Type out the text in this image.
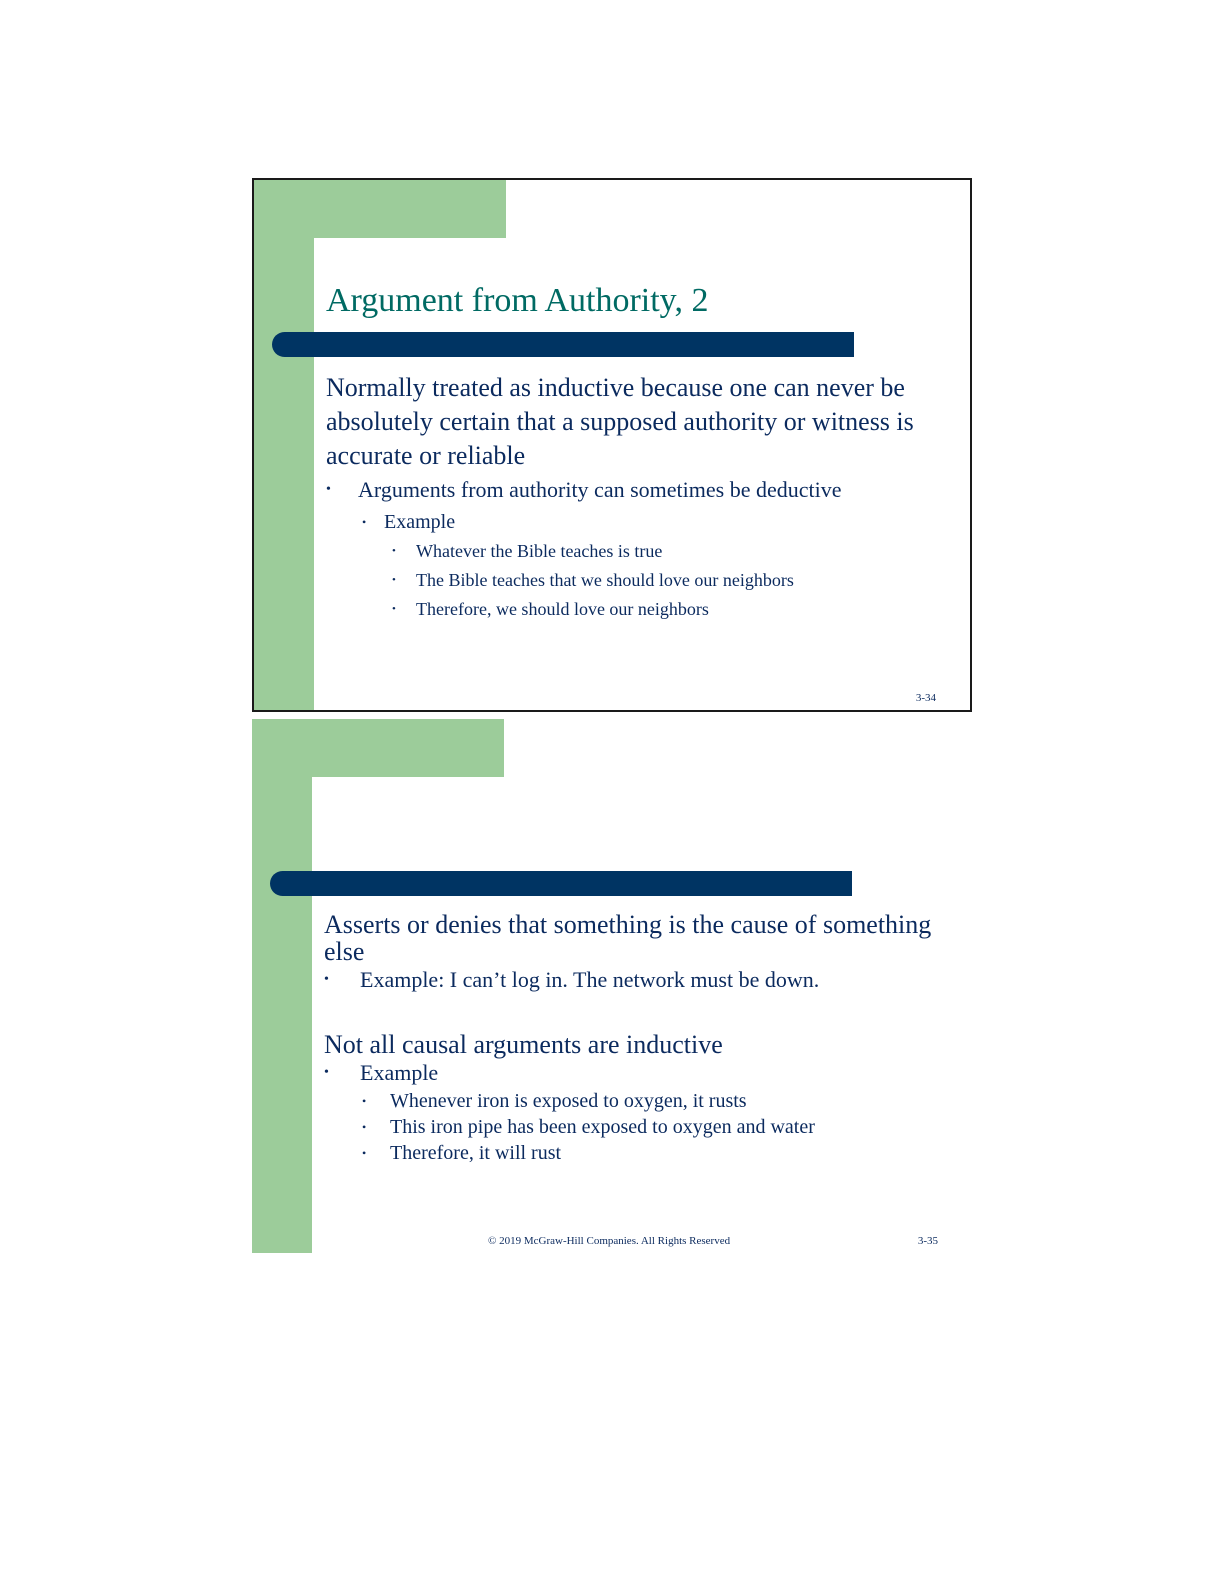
Argument from Authority, 2

Normally treated as inductive because one can never be absolutely certain that a supposed authority or witness is accurate or reliable

• Arguments from authority can sometimes be deductive
• Example
• Whatever the Bible teaches is true
• The Bible teaches that we should love our neighbors
• Therefore, we should love our neighbors
3-34

Asserts or denies that something is the cause of something else

• Example: I can’t log in. The network must be down.

Not all causal arguments are inductive

• Example
• Whenever iron is exposed to oxygen, it rusts
• This iron pipe has been exposed to oxygen and water
• Therefore, it will rust
© 2019 McGraw-Hill Companies. All Rights Reserved	3-35
